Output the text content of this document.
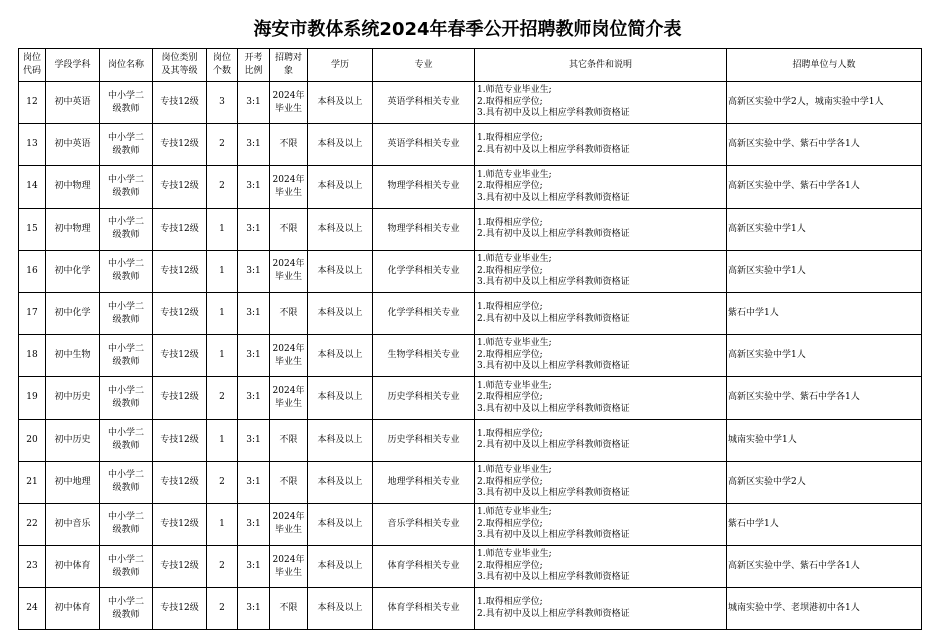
海安市教体系统2024年春季公开招聘教师岗位简介表
岗位
代码	学段学科	岗位名称	岗位类别
及其等级	岗位
个数	开考
比例	招聘对
象	学历	专业	其它条件和说明	招聘单位与人数
12	初中英语	中小学二
级教师	专技12级	3	3:1	2024年
毕业生	本科及以上	英语学科相关专业	1.师范专业毕业生;
2.取得相应学位;
3.具有初中及以上相应学科教师资格证	高新区实验中学2人，城南实验中学1人
13	初中英语	中小学二
级教师	专技12级	2	3:1	不限	本科及以上	英语学科相关专业	1.取得相应学位;
2.具有初中及以上相应学科教师资格证	高新区实验中学、紫石中学各1人
14	初中物理	中小学二
级教师	专技12级	2	3:1	2024年
毕业生	本科及以上	物理学科相关专业	1.师范专业毕业生;
2.取得相应学位;
3.具有初中及以上相应学科教师资格证	高新区实验中学、紫石中学各1人
15	初中物理	中小学二
级教师	专技12级	1	3:1	不限	本科及以上	物理学科相关专业	1.取得相应学位;
2.具有初中及以上相应学科教师资格证	高新区实验中学1人
16	初中化学	中小学二
级教师	专技12级	1	3:1	2024年
毕业生	本科及以上	化学学科相关专业	1.师范专业毕业生;
2.取得相应学位;
3.具有初中及以上相应学科教师资格证	高新区实验中学1人
17	初中化学	中小学二
级教师	专技12级	1	3:1	不限	本科及以上	化学学科相关专业	1.取得相应学位;
2.具有初中及以上相应学科教师资格证	紫石中学1人
18	初中生物	中小学二
级教师	专技12级	1	3:1	2024年
毕业生	本科及以上	生物学科相关专业	1.师范专业毕业生;
2.取得相应学位;
3.具有初中及以上相应学科教师资格证	高新区实验中学1人
19	初中历史	中小学二
级教师	专技12级	2	3:1	2024年
毕业生	本科及以上	历史学科相关专业	1.师范专业毕业生;
2.取得相应学位;
3.具有初中及以上相应学科教师资格证	高新区实验中学、紫石中学各1人
20	初中历史	中小学二
级教师	专技12级	1	3:1	不限	本科及以上	历史学科相关专业	1.取得相应学位;
2.具有初中及以上相应学科教师资格证	城南实验中学1人
21	初中地理	中小学二
级教师	专技12级	2	3:1	不限	本科及以上	地理学科相关专业	1.师范专业毕业生;
2.取得相应学位;
3.具有初中及以上相应学科教师资格证	高新区实验中学2人
22	初中音乐	中小学二
级教师	专技12级	1	3:1	2024年
毕业生	本科及以上	音乐学科相关专业	1.师范专业毕业生;
2.取得相应学位;
3.具有初中及以上相应学科教师资格证	紫石中学1人
23	初中体育	中小学二
级教师	专技12级	2	3:1	2024年
毕业生	本科及以上	体育学科相关专业	1.师范专业毕业生;
2.取得相应学位;
3.具有初中及以上相应学科教师资格证	高新区实验中学、紫石中学各1人
24	初中体育	中小学二
级教师	专技12级	2	3:1	不限	本科及以上	体育学科相关专业	1.取得相应学位;
2.具有初中及以上相应学科教师资格证	城南实验中学、老坝港初中各1人
